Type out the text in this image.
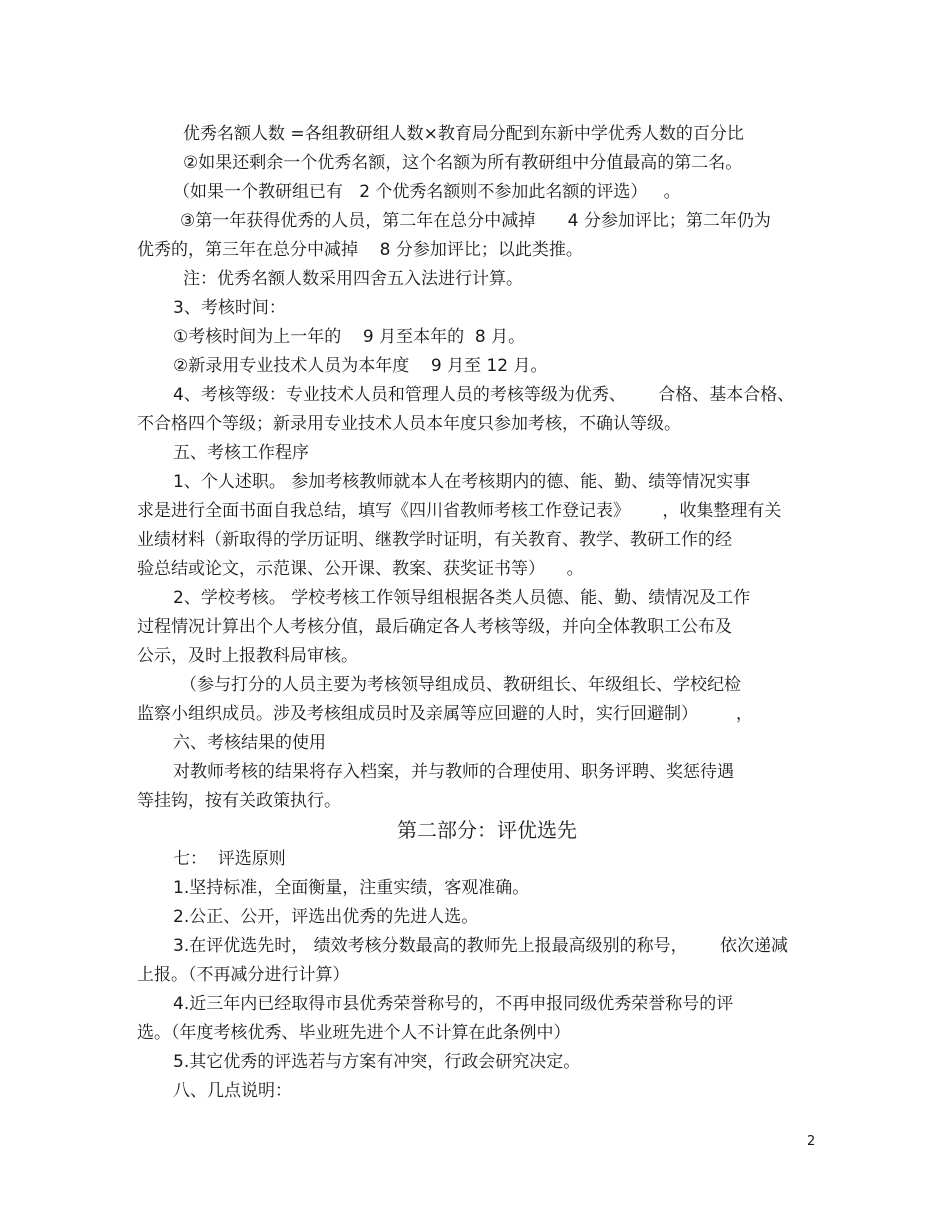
优秀名额人数 =各组教研组人数×教育局分配到东新中学优秀人数的百分比
②如果还剩余一个优秀名额，这个名额为所有教研组中分值最高的第二名。
（如果一个教研组已有   2 个优秀名额则不参加此名额的评选）   。
③第一年获得优秀的人员，第二年在总分中减掉      4 分参加评比；第二年仍为
优秀的，第三年在总分中减掉    8 分参加评比；以此类推。
注：优秀名额人数采用四舍五入法进行计算。
3、考核时间：
①考核时间为上一年的    9 月至本年的  8 月。
②新录用专业技术人员为本年度    9 月至 12 月。
4、考核等级：专业技术人员和管理人员的考核等级为优秀、      合格、基本合格、
不合格四个等级；新录用专业技术人员本年度只参加考核，不确认等级。
五、考核工作程序
1、个人述职。 参加考核教师就本人在考核期内的德、能、勤、绩等情况实事
求是进行全面书面自我总结，填写《四川省教师考核工作登记表》      ，收集整理有关
业绩材料（新取得的学历证明、继教学时证明，有关教育、教学、教研工作的经
验总结或论文，示范课、公开课、教案、获奖证书等）    。
2、学校考核。 学校考核工作领导组根据各类人员德、能、勤、绩情况及工作
过程情况计算出个人考核分值，最后确定各人考核等级，并向全体教职工公布及
公示，及时上报教科局审核。
（参与打分的人员主要为考核领导组成员、教研组长、年级组长、学校纪检
监察小组织成员。涉及考核组成员时及亲属等应回避的人时，实行回避制）       ，
六、考核结果的使用
对教师考核的结果将存入档案，并与教师的合理使用、职务评聘、奖惩待遇
等挂钩，按有关政策执行。
第二部分：评优选先
七：  评选原则
1.坚持标准，全面衡量，注重实绩，客观准确。
2.公正、公开，评选出优秀的先进人选。
3.在评优选先时， 绩效考核分数最高的教师先上报最高级别的称号，      依次递减
上报。（不再减分进行计算）
4.近三年内已经取得市县优秀荣誉称号的，不再申报同级优秀荣誉称号的评
选。（年度考核优秀、毕业班先进个人不计算在此条例中）
5.其它优秀的评选若与方案有冲突，行政会研究决定。
八、几点说明：
2
